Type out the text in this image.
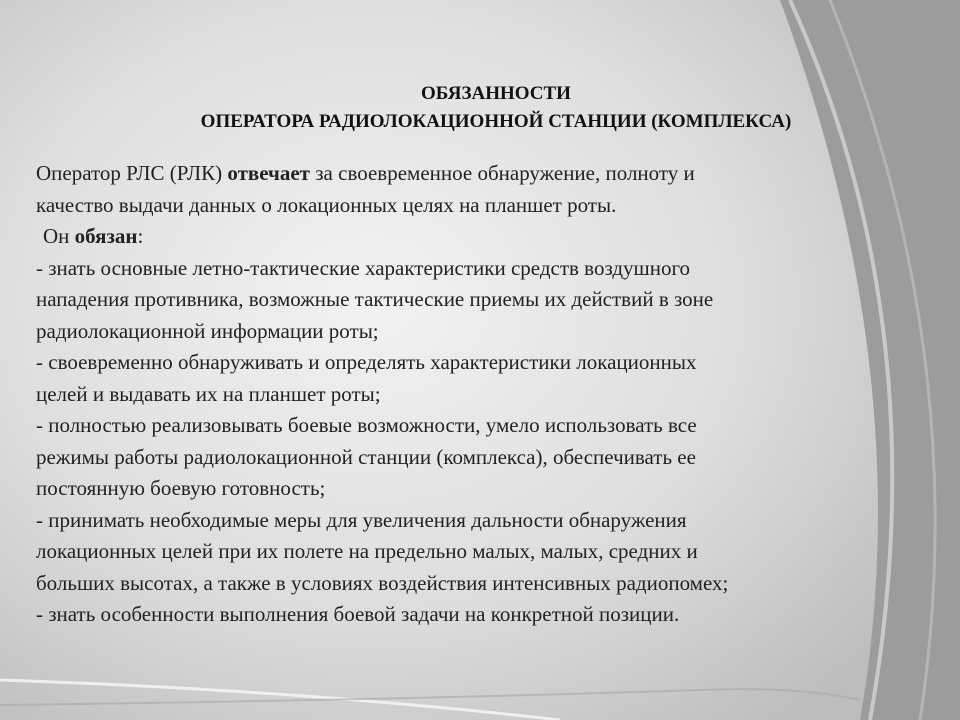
ОБЯЗАННОСТИ
ОПЕРАТОРА РАДИОЛОКАЦИОННОЙ СТАНЦИИ (КОМПЛЕКСА)
Оператор РЛС (РЛК) отвечает за своевременное обнаружение, полноту и
качество выдачи данных о локационных целях на планшет роты.
Он обязан:
- знать основные летно-тактические характеристики средств воздушного
нападения противника, возможные тактические приемы их действий в зоне
радиолокационной информации роты;
- своевременно обнаруживать и определять характеристики локационных
целей и выдавать их на планшет роты;
- полностью реализовывать боевые возможности, умело использовать все
режимы работы радиолокационной станции (комплекса), обеспечивать ее
постоянную боевую готовность;
- принимать необходимые меры для увеличения дальности обнаружения
локационных целей при их полете на предельно малых, малых, средних и
больших высотах, а также в условиях воздействия интенсивных радиопомех;
- знать особенности выполнения боевой задачи на конкретной позиции.
